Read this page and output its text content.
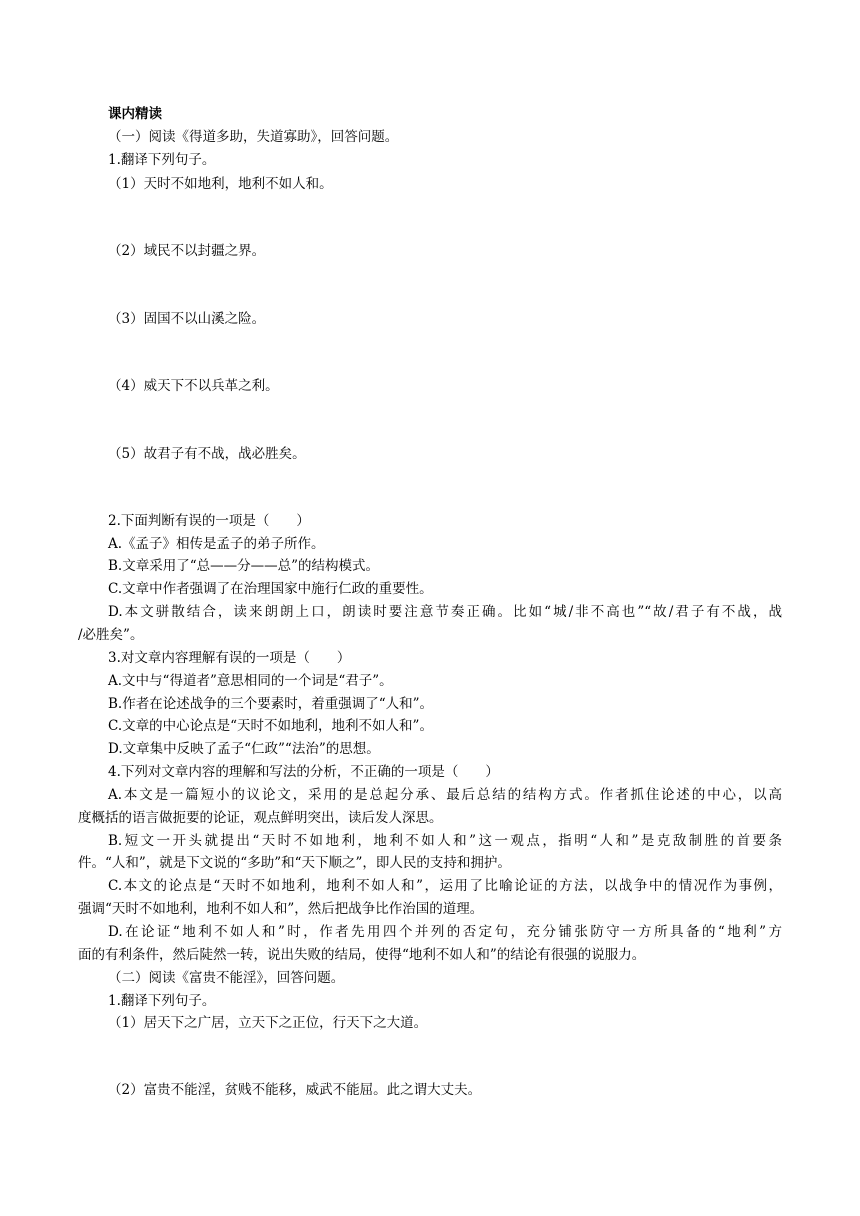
课内精读
（一）阅读《得道多助，失道寡助》，回答问题。
1.翻译下列句子。
（1）天时不如地利，地利不如人和。
（2）域民不以封疆之界。
（3）固国不以山溪之险。
（4）威天下不以兵革之利。
（5）故君子有不战，战必胜矣。
2.下面判断有误的一项是（　　）
A.《孟子》相传是孟子的弟子所作。
B.文章采用了“总——分——总”的结构模式。
C.文章中作者强调了在治理国家中施行仁政的重要性。
D.本文骈散结合，读来朗朗上口，朗读时要注意节奏正确。比如“城/非不高也”“故/君子有不战，战
/必胜矣”。
3.对文章内容理解有误的一项是（　　）
A.文中与“得道者”意思相同的一个词是“君子”。
B.作者在论述战争的三个要素时，着重强调了“人和”。
C.文章的中心论点是“天时不如地利，地利不如人和”。
D.文章集中反映了孟子“仁政”“法治”的思想。
4.下列对文章内容的理解和写法的分析，不正确的一项是（　　）
A.本文是一篇短小的议论文，采用的是总起分承、最后总结的结构方式。作者抓住论述的中心，以高
度概括的语言做扼要的论证，观点鲜明突出，读后发人深思。
B.短文一开头就提出“天时不如地利，地利不如人和”这一观点，指明“人和”是克敌制胜的首要条
件。“人和”，就是下文说的“多助”和“天下顺之”，即人民的支持和拥护。
C.本文的论点是“天时不如地利，地利不如人和”，运用了比喻论证的方法，以战争中的情况作为事例，
强调“天时不如地利，地利不如人和”，然后把战争比作治国的道理。
D.在论证“地利不如人和”时，作者先用四个并列的否定句，充分铺张防守一方所具备的“地利”方
面的有利条件，然后陡然一转，说出失败的结局，使得“地利不如人和”的结论有很强的说服力。
（二）阅读《富贵不能淫》，回答问题。
1.翻译下列句子。
（1）居天下之广居，立天下之正位，行天下之大道。
（2）富贵不能淫，贫贱不能移，威武不能屈。此之谓大丈夫。
